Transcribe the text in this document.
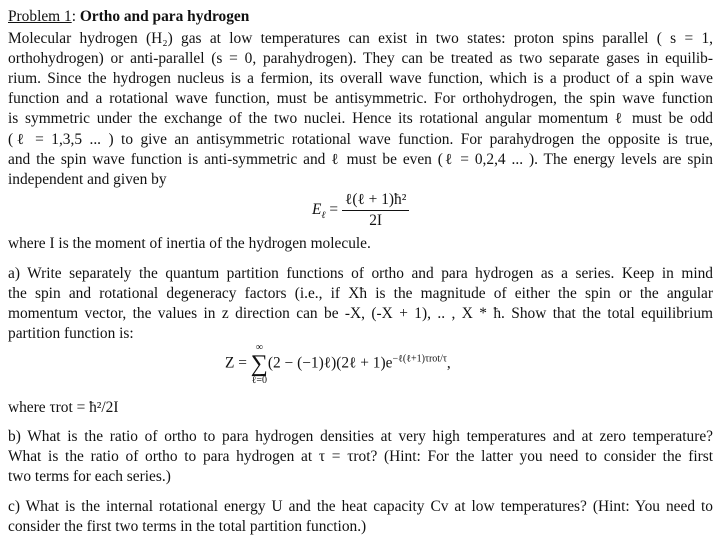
Problem 1: Ortho and para hydrogen
Molecular hydrogen (H₂) gas at low temperatures can exist in two states: proton spins parallel ( s = 1,
orthohydrogen) or anti-parallel (s = 0, parahydrogen). They can be treated as two separate gases in equilib-
rium. Since the hydrogen nucleus is a fermion, its overall wave function, which is a product of a spin wave
function and a rotational wave function, must be antisymmetric. For orthohydrogen, the spin wave function
is symmetric under the exchange of the two nuclei. Hence its rotational angular momentum ℓ must be odd
(ℓ = 1,3,5 ... ) to give an antisymmetric rotational wave function. For parahydrogen the opposite is true,
and the spin wave function is anti-symmetric and ℓ must be even (ℓ = 0,2,4 ... ). The energy levels are spin
independent and given by
$E_\ell = \frac{\text{ℓ(ℓ + 1)ħ²}}{2I}$
where I is the moment of inertia of the hydrogen molecule.
a) Write separately the quantum partition functions of ortho and para hydrogen as a series. Keep in mind
the spin and rotational degeneracy factors (i.e., if Xħ is the magnitude of either the spin or the angular
momentum vector, the values in z direction can be -X, (-X + 1), .. , X * ħ. Show that the total equilibrium
partition function is:
Z =
∞
∑
ℓ=0
(2 − (−1)ℓ)(2ℓ + $1)e^{-\ell(\ell+1)\tau rot/\tau}$,
where τrot = ħ²/2I
b) What is the ratio of ortho to para hydrogen densities at very high temperatures and at zero temperature?
What is the ratio of ortho to para hydrogen at τ = τrot? (Hint: For the latter you need to consider the first
two terms for each series.)
c) What is the internal rotational energy U and the heat capacity Cv at low temperatures? (Hint: You need to
consider the first two terms in the total partition function.)
